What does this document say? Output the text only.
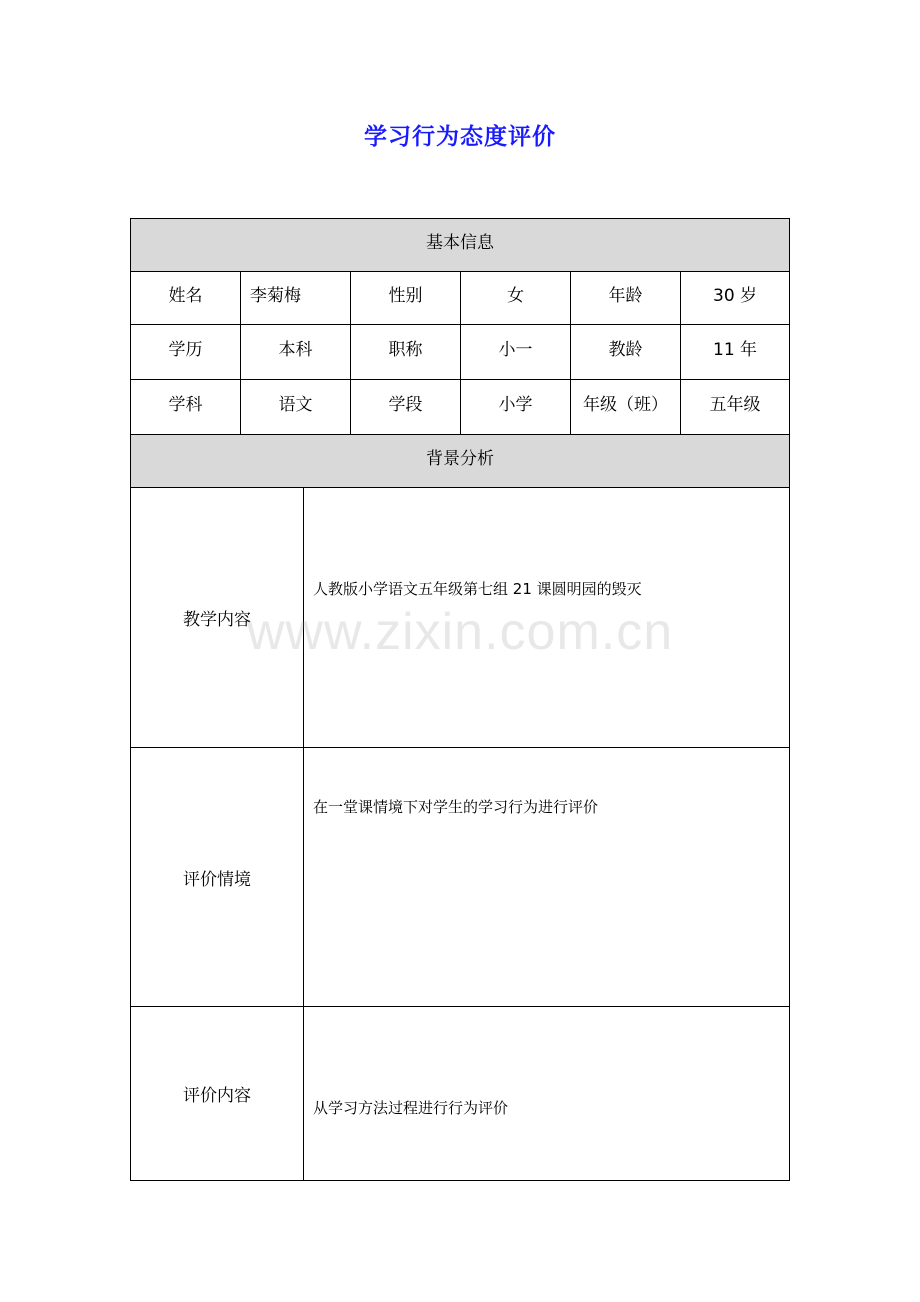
学习行为态度评价
基本信息						
姓名	李菊梅		性别	女	年龄	30 岁
学历	本科		职称	小一	教龄	11 年
学科	语文		学段	小学	年级（班）	五年级
背景分析						
教学内容		人教版小学语文五年级第七组 21 课圆明园的毁灭				

评价情境		在一堂课情境下对学生的学习行为进行评价				

评价内容		从学习方法过程进行行为评价				
www.zixin.com.cn
